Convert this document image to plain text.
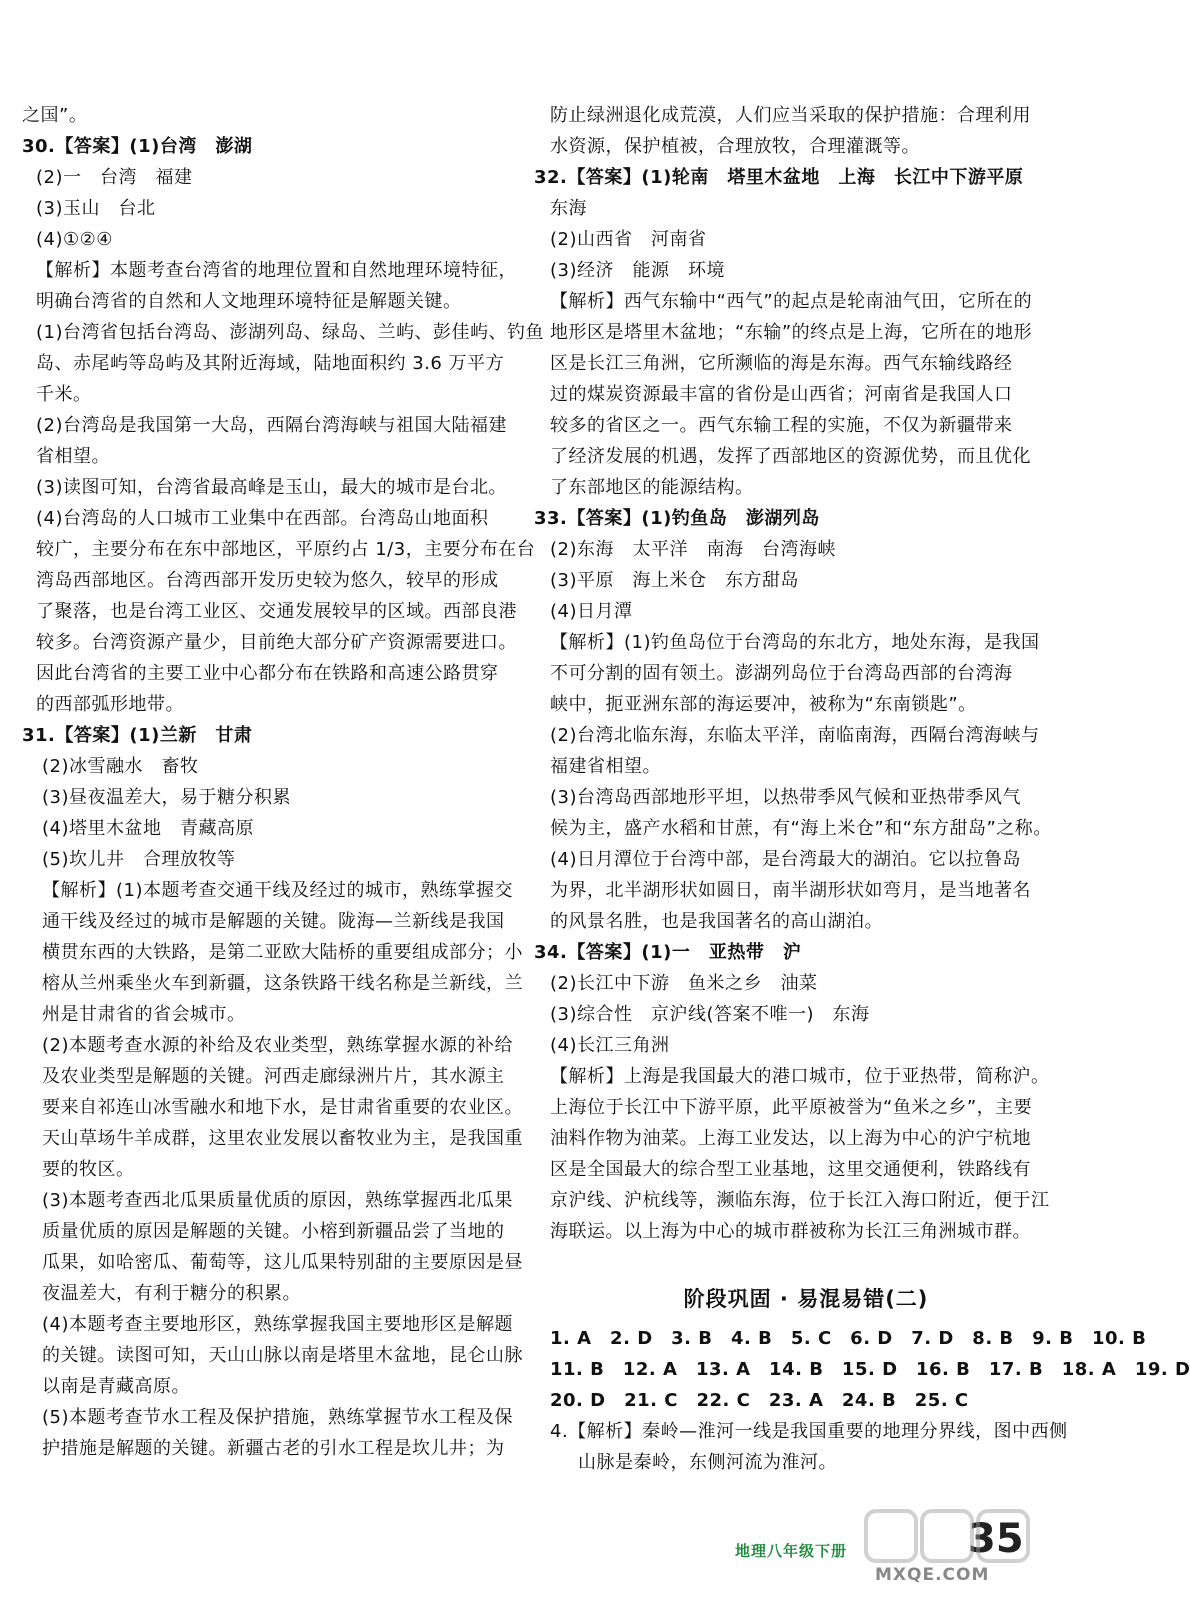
之国”。
30.【答案】(1)台湾　澎湖
(2)一　台湾　福建
(3)玉山　台北
(4)①②④
【解析】本题考查台湾省的地理位置和自然地理环境特征，
明确台湾省的自然和人文地理环境特征是解题关键。
(1)台湾省包括台湾岛、澎湖列岛、绿岛、兰屿、彭佳屿、钓鱼
岛、赤尾屿等岛屿及其附近海域，陆地面积约 3.6 万平方
千米。
(2)台湾岛是我国第一大岛，西隔台湾海峡与祖国大陆福建
省相望。
(3)读图可知，台湾省最高峰是玉山，最大的城市是台北。
(4)台湾岛的人口城市工业集中在西部。台湾岛山地面积
较广，主要分布在东中部地区，平原约占 1/3，主要分布在台
湾岛西部地区。台湾西部开发历史较为悠久，较早的形成
了聚落，也是台湾工业区、交通发展较早的区域。西部良港
较多。台湾资源产量少，目前绝大部分矿产资源需要进口。
因此台湾省的主要工业中心都分布在铁路和高速公路贯穿
的西部弧形地带。
31.【答案】(1)兰新　甘肃
(2)冰雪融水　畜牧
(3)昼夜温差大，易于糖分积累
(4)塔里木盆地　青藏高原
(5)坎儿井　合理放牧等
【解析】(1)本题考查交通干线及经过的城市，熟练掌握交
通干线及经过的城市是解题的关键。陇海—兰新线是我国
横贯东西的大铁路，是第二亚欧大陆桥的重要组成部分；小
榕从兰州乘坐火车到新疆，这条铁路干线名称是兰新线，兰
州是甘肃省的省会城市。
(2)本题考查水源的补给及农业类型，熟练掌握水源的补给
及农业类型是解题的关键。河西走廊绿洲片片，其水源主
要来自祁连山冰雪融水和地下水，是甘肃省重要的农业区。
天山草场牛羊成群，这里农业发展以畜牧业为主，是我国重
要的牧区。
(3)本题考查西北瓜果质量优质的原因，熟练掌握西北瓜果
质量优质的原因是解题的关键。小榕到新疆品尝了当地的
瓜果，如哈密瓜、葡萄等，这儿瓜果特别甜的主要原因是昼
夜温差大，有利于糖分的积累。
(4)本题考查主要地形区，熟练掌握我国主要地形区是解题
的关键。读图可知，天山山脉以南是塔里木盆地，昆仑山脉
以南是青藏高原。
(5)本题考查节水工程及保护措施，熟练掌握节水工程及保
护措施是解题的关键。新疆古老的引水工程是坎儿井；为
防止绿洲退化成荒漠，人们应当采取的保护措施：合理利用
水资源，保护植被，合理放牧，合理灌溉等。
32.【答案】(1)轮南　塔里木盆地　上海　长江中下游平原
东海
(2)山西省　河南省
(3)经济　能源　环境
【解析】西气东输中“西气”的起点是轮南油气田，它所在的
地形区是塔里木盆地；“东输”的终点是上海，它所在的地形
区是长江三角洲，它所濒临的海是东海。西气东输线路经
过的煤炭资源最丰富的省份是山西省；河南省是我国人口
较多的省区之一。西气东输工程的实施，不仅为新疆带来
了经济发展的机遇，发挥了西部地区的资源优势，而且优化
了东部地区的能源结构。
33.【答案】(1)钓鱼岛　澎湖列岛
(2)东海　太平洋　南海　台湾海峡
(3)平原　海上米仓　东方甜岛
(4)日月潭
【解析】(1)钓鱼岛位于台湾岛的东北方，地处东海，是我国
不可分割的固有领土。澎湖列岛位于台湾岛西部的台湾海
峡中，扼亚洲东部的海运要冲，被称为“东南锁匙”。
(2)台湾北临东海，东临太平洋，南临南海，西隔台湾海峡与
福建省相望。
(3)台湾岛西部地形平坦，以热带季风气候和亚热带季风气
候为主，盛产水稻和甘蔗，有“海上米仓”和“东方甜岛”之称。
(4)日月潭位于台湾中部，是台湾最大的湖泊。它以拉鲁岛
为界，北半湖形状如圆日，南半湖形状如弯月，是当地著名
的风景名胜，也是我国著名的高山湖泊。
34.【答案】(1)一　亚热带　沪
(2)长江中下游　鱼米之乡　油菜
(3)综合性　京沪线(答案不唯一)　东海
(4)长江三角洲
【解析】上海是我国最大的港口城市，位于亚热带，简称沪。
上海位于长江中下游平原，此平原被誉为“鱼米之乡”，主要
油料作物为油菜。上海工业发达，以上海为中心的沪宁杭地
区是全国最大的综合型工业基地，这里交通便利，铁路线有
京沪线、沪杭线等，濒临东海，位于长江入海口附近，便于江
海联运。以上海为中心的城市群被称为长江三角洲城市群。
阶段巩固 · 易混易错(二)
1. A　2. D　3. B　4. B　5. C　6. D　7. D　8. B　9. B　10. B
11. B　12. A　13. A　14. B　15. D　16. B　17. B　18. A　19. D
20. D　21. C　22. C　23. A　24. B　25. C
4.【解析】秦岭—淮河一线是我国重要的地理分界线，图中西侧
山脉是秦岭，东侧河流为淮河。
地理八年级下册	35
MXQE.COM
